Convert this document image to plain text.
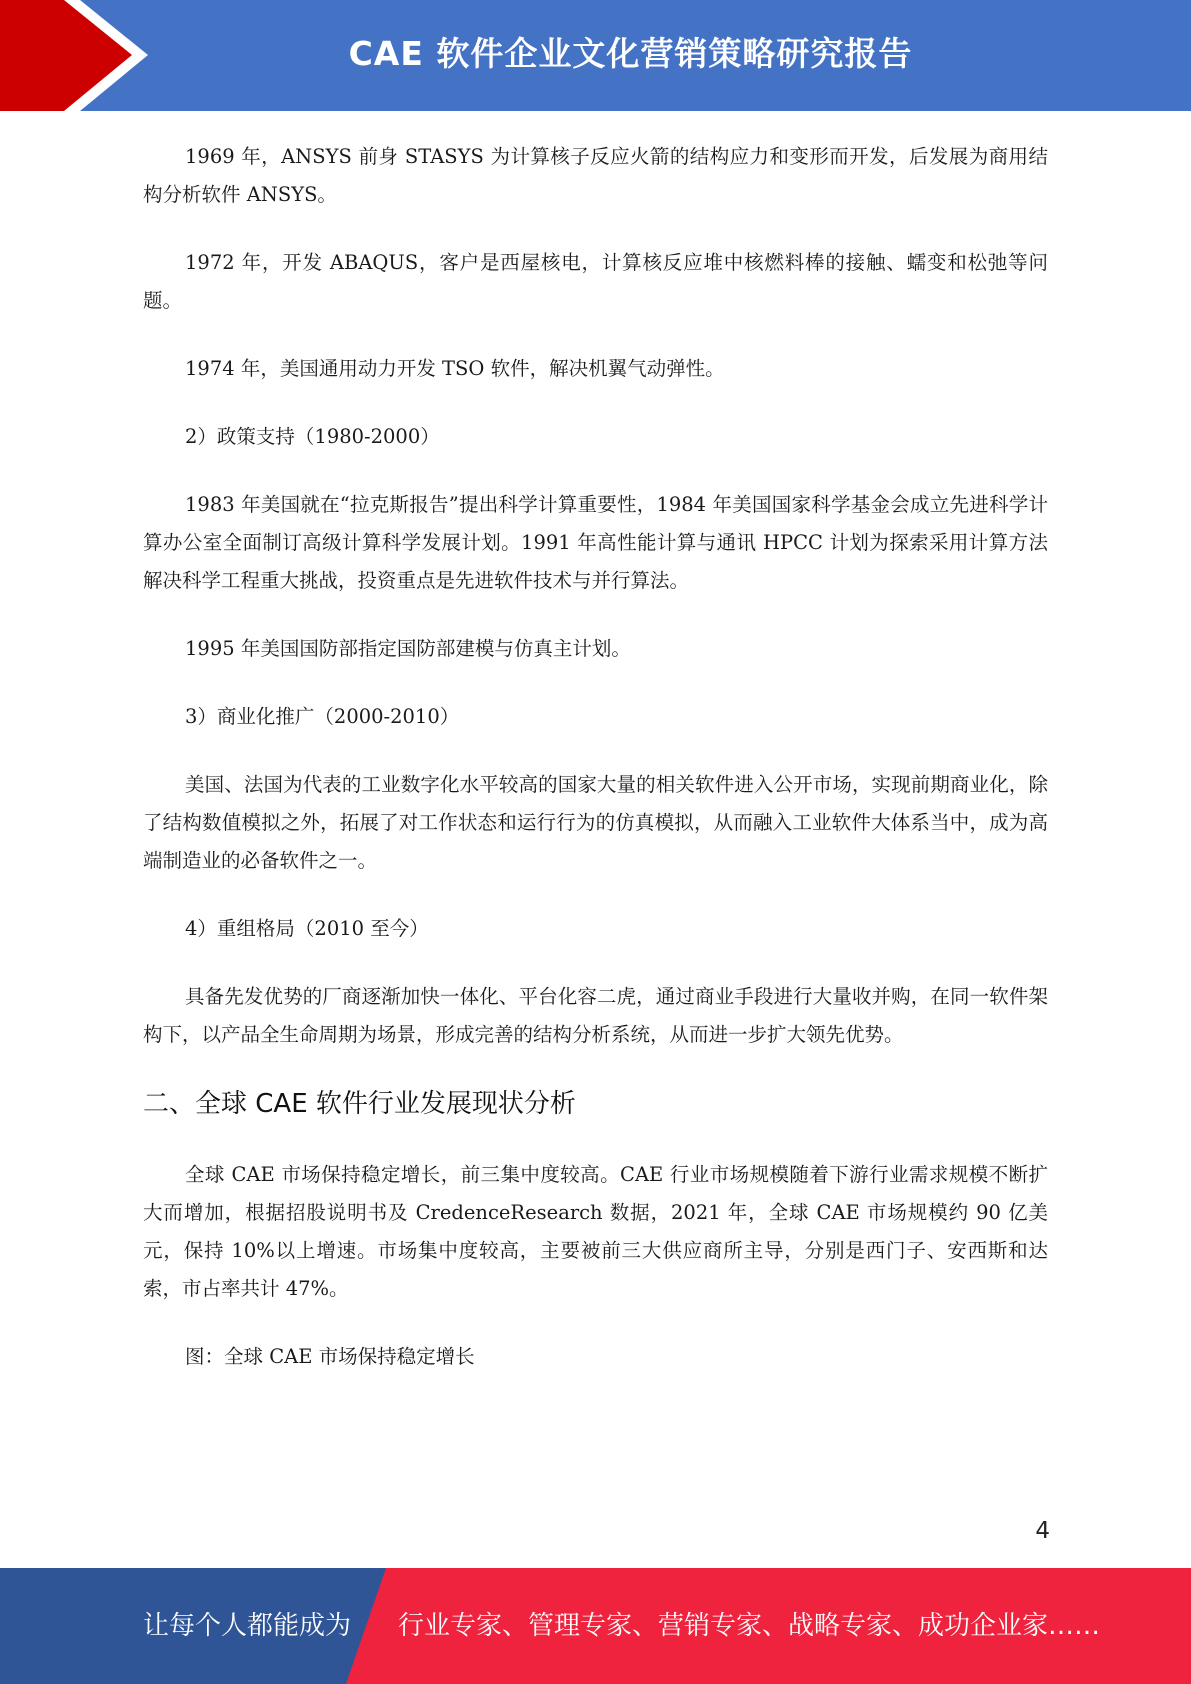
CAE 软件企业文化营销策略研究报告

1969 年，ANSYS 前身 STASYS 为计算核子反应火箭的结构应力和变形而开发，后发展为商用结构分析软件 ANSYS。

1972 年，开发 ABAQUS，客户是西屋核电，计算核反应堆中核燃料棒的接触、蠕变和松弛等问题。

1974 年，美国通用动力开发 TSO 软件，解决机翼气动弹性。

2）政策支持（1980-2000）

1983 年美国就在“拉克斯报告”提出科学计算重要性，1984 年美国国家科学基金会成立先进科学计算办公室全面制订高级计算科学发展计划。1991 年高性能计算与通讯 HPCC 计划为探索采用计算方法解决科学工程重大挑战，投资重点是先进软件技术与并行算法。

1995 年美国国防部指定国防部建模与仿真主计划。

3）商业化推广（2000-2010）

美国、法国为代表的工业数字化水平较高的国家大量的相关软件进入公开市场，实现前期商业化，除了结构数值模拟之外，拓展了对工作状态和运行行为的仿真模拟，从而融入工业软件大体系当中，成为高端制造业的必备软件之一。

4）重组格局（2010 至今）

具备先发优势的厂商逐渐加快一体化、平台化容二虎，通过商业手段进行大量收并购，在同一软件架构下，以产品全生命周期为场景，形成完善的结构分析系统，从而进一步扩大领先优势。

二、全球 CAE 软件行业发展现状分析

全球 CAE 市场保持稳定增长，前三集中度较高。CAE 行业市场规模随着下游行业需求规模不断扩大而增加，根据招股说明书及 CredenceResearch 数据，2021 年，全球 CAE 市场规模约 90 亿美元，保持 10%以上增速。市场集中度较高，主要被前三大供应商所主导，分别是西门子、安西斯和达索，市占率共计 47%。

图：全球 CAE 市场保持稳定增长

4
让每个人都能成为 行业专家、管理专家、营销专家、战略专家、成功企业家……
